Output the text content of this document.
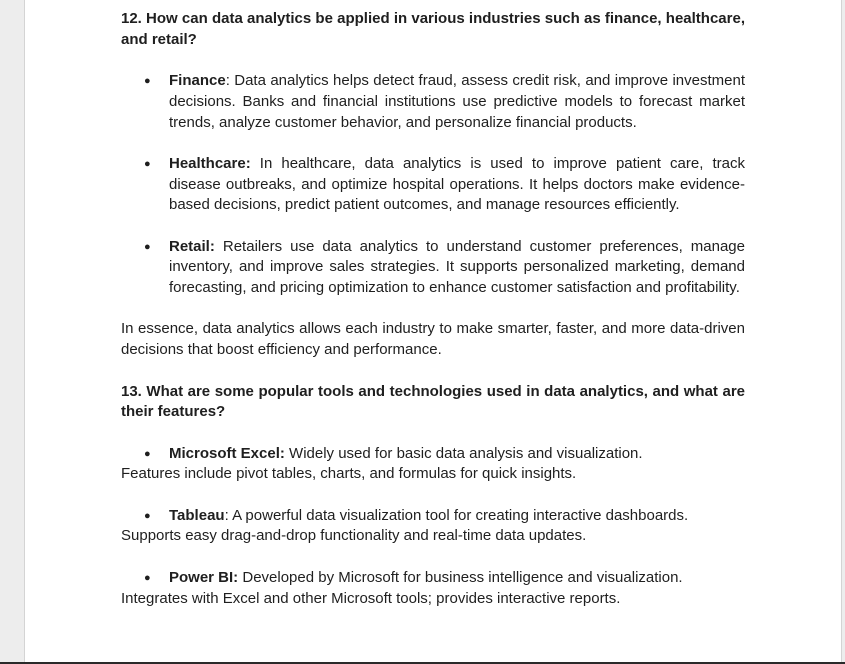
12. How can data analytics be applied in various industries such as finance, healthcare, and retail?

● Finance: Data analytics helps detect fraud, assess credit risk, and improve investment decisions. Banks and financial institutions use predictive models to forecast market trends, analyze customer behavior, and personalize financial products.
● Healthcare: In healthcare, data analytics is used to improve patient care, track disease outbreaks, and optimize hospital operations. It helps doctors make evidence-based decisions, predict patient outcomes, and manage resources efficiently.
● Retail: Retailers use data analytics to understand customer preferences, manage inventory, and improve sales strategies. It supports personalized marketing, demand forecasting, and pricing optimization to enhance customer satisfaction and profitability.

In essence, data analytics allows each industry to make smarter, faster, and more data-driven decisions that boost efficiency and performance.

13. What are some popular tools and technologies used in data analytics, and what are their features?

● Microsoft Excel: Widely used for basic data analysis and visualization.
Features include pivot tables, charts, and formulas for quick insights.
● Tableau: A powerful data visualization tool for creating interactive dashboards.
Supports easy drag-and-drop functionality and real-time data updates.
● Power BI: Developed by Microsoft for business intelligence and visualization.
Integrates with Excel and other Microsoft tools; provides interactive reports.
